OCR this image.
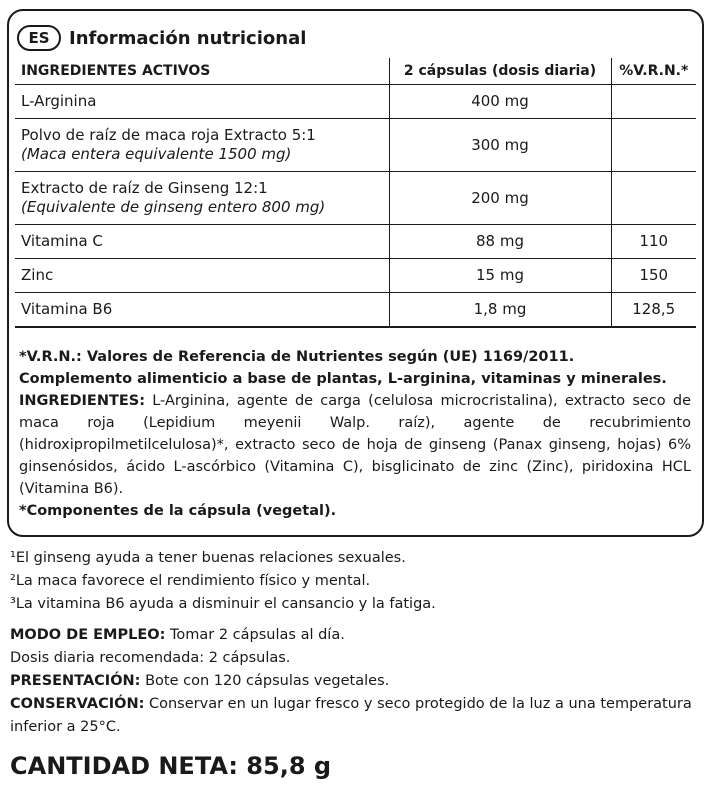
ES	Información nutricional
INGREDIENTES ACTIVOS	2 cápsulas (dosis diaria)	%V.R.N.*
L-Arginina	400 mg	
Polvo de raíz de maca roja Extracto 5:1
(Maca entera equivalente 1500 mg)	300 mg	
Extracto de raíz de Ginseng 12:1
(Equivalente de ginseng entero 800 mg)	200 mg	
Vitamina C	88 mg	110
Zinc	15 mg	150
Vitamina B6	1,8 mg	128,5

*V.R.N.: Valores de Referencia de Nutrientes según (UE) 1169/2011.

Complemento alimenticio a base de plantas, L-arginina, vitaminas y minerales.

INGREDIENTES: L-Arginina, agente de carga (celulosa microcristalina), extracto seco de maca roja (Lepidium meyenii Walp. raíz), agente de recubrimiento (hidroxipropilmetilcelulosa)*, extracto seco de hoja de ginseng (Panax ginseng, hojas) 6% ginsenósidos, ácido L-ascórbico (Vitamina C), bisglicinato de zinc (Zinc), piridoxina HCL (Vitamina B6).

*Componentes de la cápsula (vegetal).

¹El ginseng ayuda a tener buenas relaciones sexuales.

²La maca favorece el rendimiento físico y mental.

³La vitamina B6 ayuda a disminuir el cansancio y la fatiga.

MODO DE EMPLEO: Tomar 2 cápsulas al día.

Dosis diaria recomendada: 2 cápsulas.

PRESENTACIÓN: Bote con 120 cápsulas vegetales.

CONSERVACIÓN: Conservar en un lugar fresco y seco protegido de la luz a una temperatura inferior a 25°C.

CANTIDAD NETA: 85,8 g
